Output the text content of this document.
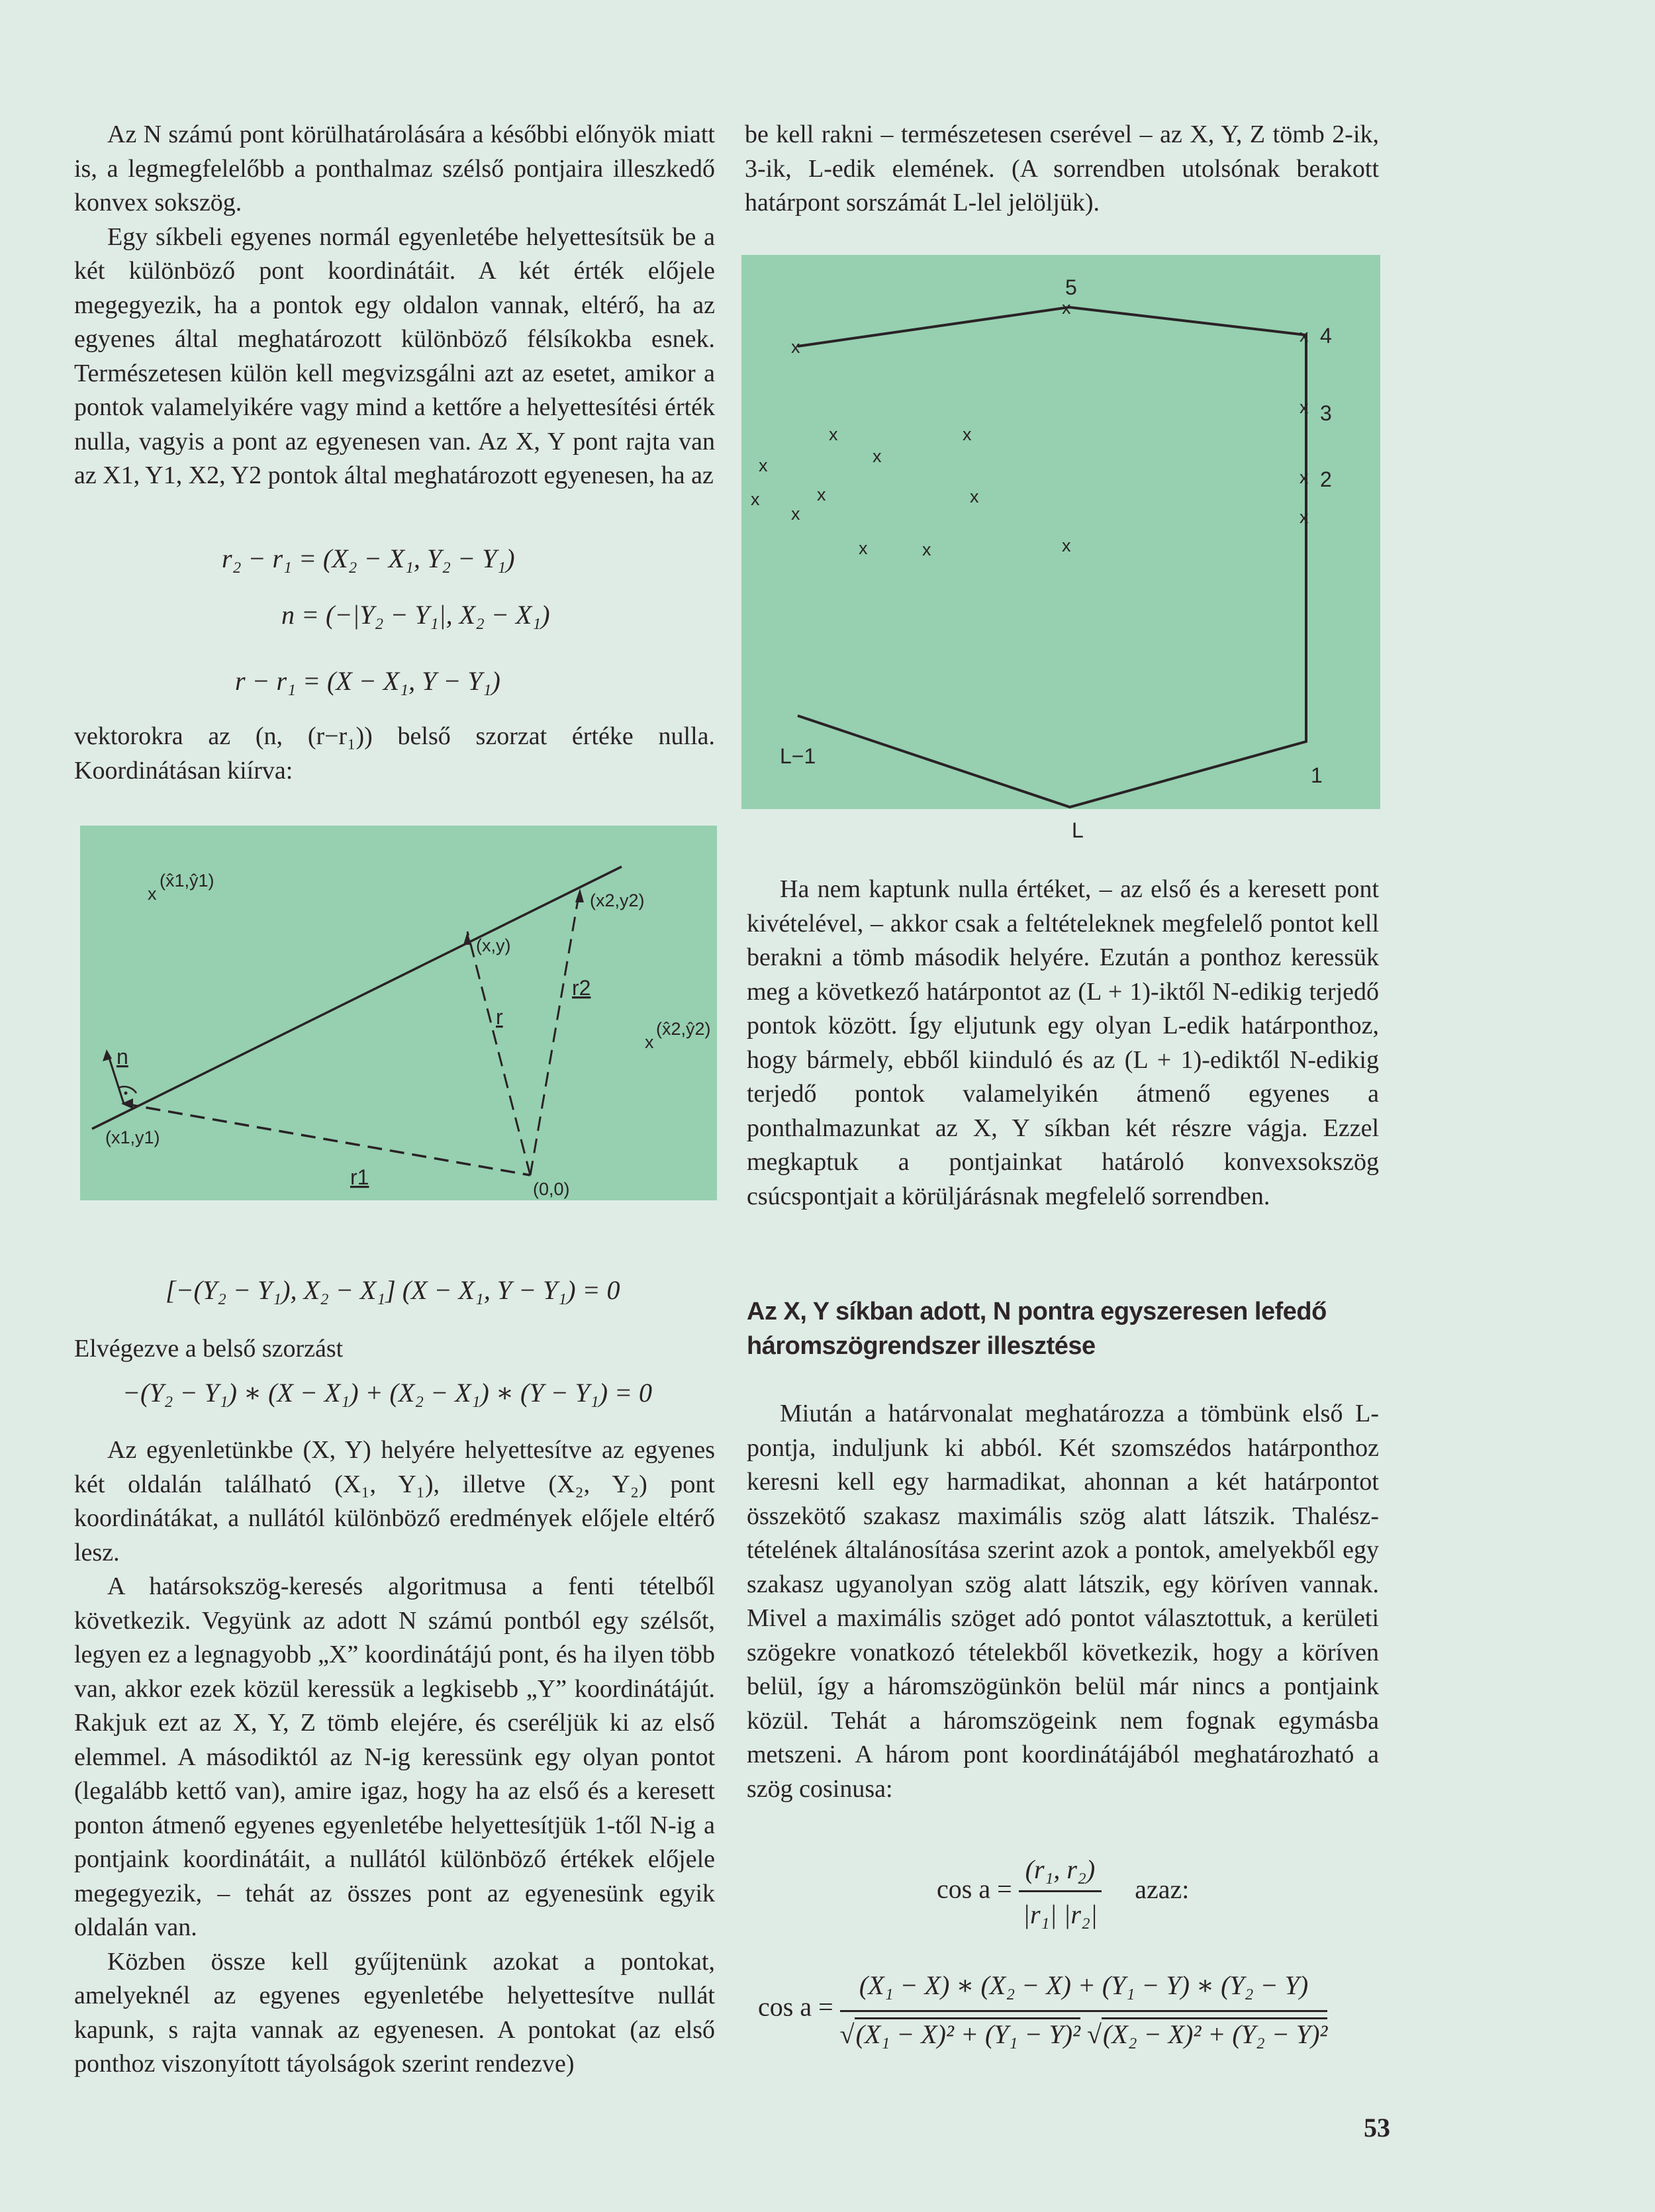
Az N számú pont körülhatárolására a későbbi előnyök miatt is, a legmegfelelőbb a ponthalmaz szélső pontjaira illeszkedő konvex sokszög.

Egy síkbeli egyenes normál egyenletébe helyettesítsük be a két különböző pont koordinátáit. A két érték előjele megegyezik, ha a pontok egy oldalon vannak, eltérő, ha az egyenes által meghatározott különböző félsíkokba esnek. Természetesen külön kell megvizsgálni azt az esetet, amikor a pontok valamelyikére vagy mind a kettőre a helyettesítési érték nulla, vagyis a pont az egyenesen van. Az X, Y pont rajta van az X1, Y1, X2, Y2 pontok által meghatározott egyenesen, ha az

r₂ − r₁ = (X₂ − X₁, Y₂ − Y₁)
n = (−|Y₂ − Y₁|, X₂ − X₁)
r − r₁ = (X − X₁, Y − Y₁)

vektorokra az (n, (r−r₁)) belső szorzat értéke nulla. Koordinátásan kiírva:

x
(x̂1,ŷ1)
(x2,y2)
(x,y)
r2
r
x
(x̂2,ŷ2)
n
(x1,y1)
r1	(0,0)
[−(Y₂ − Y₁), X₂ − X₁] (X − X₁, Y − Y₁) = 0

Elvégezve a belső szorzást

−(Y₂ − Y₁) ∗ (X − X₁) + (X₂ − X₁) ∗ (Y − Y₁) = 0

Az egyenletünkbe (X, Y) helyére helyettesítve az egyenes két oldalán található (X₁, Y₁), illetve (X₂, Y₂) pont koordinátákat, a nullától különböző eredmények előjele eltérő lesz.

A határsokszög-keresés algoritmusa a fenti tételből következik. Vegyünk az adott N számú pontból egy szélsőt, legyen ez a legnagyobb „X” koordinátájú pont, és ha ilyen több van, akkor ezek közül keressük a legkisebb „Y” koordinátájút. Rakjuk ezt az X, Y, Z tömb elejére, és cseréljük ki az első elemmel. A másodiktól az N-ig keressünk egy olyan pontot (legalább kettő van), amire igaz, hogy ha az első és a keresett ponton átmenő egyenes egyenletébe helyettesítjük 1-től N-ig a pontjaink koordinátáit, a nullától különböző értékek előjele megegyezik, – tehát az összes pont az egyenesünk egyik oldalán van.

Közben össze kell gyűjtenünk azokat a pontokat, amelyeknél az egyenes egyenletébe helyettesítve nullát kapunk, s rajta vannak az egyenesen. A pontokat (az első ponthoz viszonyított táyolságok szerint rendezve)

be kell rakni – természetesen cserével – az X, Y, Z tömb 2-ik, 3-ik, L-edik elemének. (A sorrendben utolsónak berakott határpont sorszámát L-lel jelöljük).

x
x
x
x
x
x
x
x
5
4
3
2
1
L
L−1
x	x
x
x
x	x	x
x	x

Ha nem kaptunk nulla értéket, – az első és a keresett pont kivételével, – akkor csak a feltételeknek megfelelő pontot kell berakni a tömb második helyére. Ezután a ponthoz keressük meg a következő határpontot az (L + 1)-iktől N-edikig terjedő pontok között. Így eljutunk egy olyan L-edik határponthoz, hogy bármely, ebből kiinduló és az (L + 1)-ediktől N-edikig terjedő pontok valamelyikén átmenő egyenes a ponthalmazunkat az X, Y síkban két részre vágja. Ezzel megkaptuk a pontjainkat határoló konvexsokszög csúcspontjait a körüljárásnak megfelelő sorrendben.

Az X, Y síkban adott, N pontra egyszeresen lefedő háromszögrendszer illesztése

Miután a határvonalat meghatározza a tömbünk első L-pontja, induljunk ki abból. Két szomszédos határponthoz keresni kell egy harmadikat, ahonnan a két határpontot összekötő szakasz maximális szög alatt látszik. Thalész-tételének általánosítása szerint azok a pontok, amelyekből egy szakasz ugyanolyan szög alatt látszik, egy köríven vannak. Mivel a maximális szöget adó pontot választottuk, a kerületi szögekre vonatkozó tételekből következik, hogy a köríven belül, így a háromszögünkön belül már nincs a pontjaink közül. Tehát a háromszögeink nem fognak egymásba metszeni. A három pont koordinátájából meghatározható a szög cosinusa:

$\cos a = \frac{\text{(r₁, r₂)}}{\text{|r₁| |r₂|}}$ azaz:
$\cos a = \frac{\text{(X₁ − X) ∗ (X₂ − X) + (Y₁ − Y) ∗ (Y₂ − Y)}}{\text{√(X₁ − X)² + (Y₁ − Y)² √(X₂ − X)² + (Y₂ − Y)²}}$
53
